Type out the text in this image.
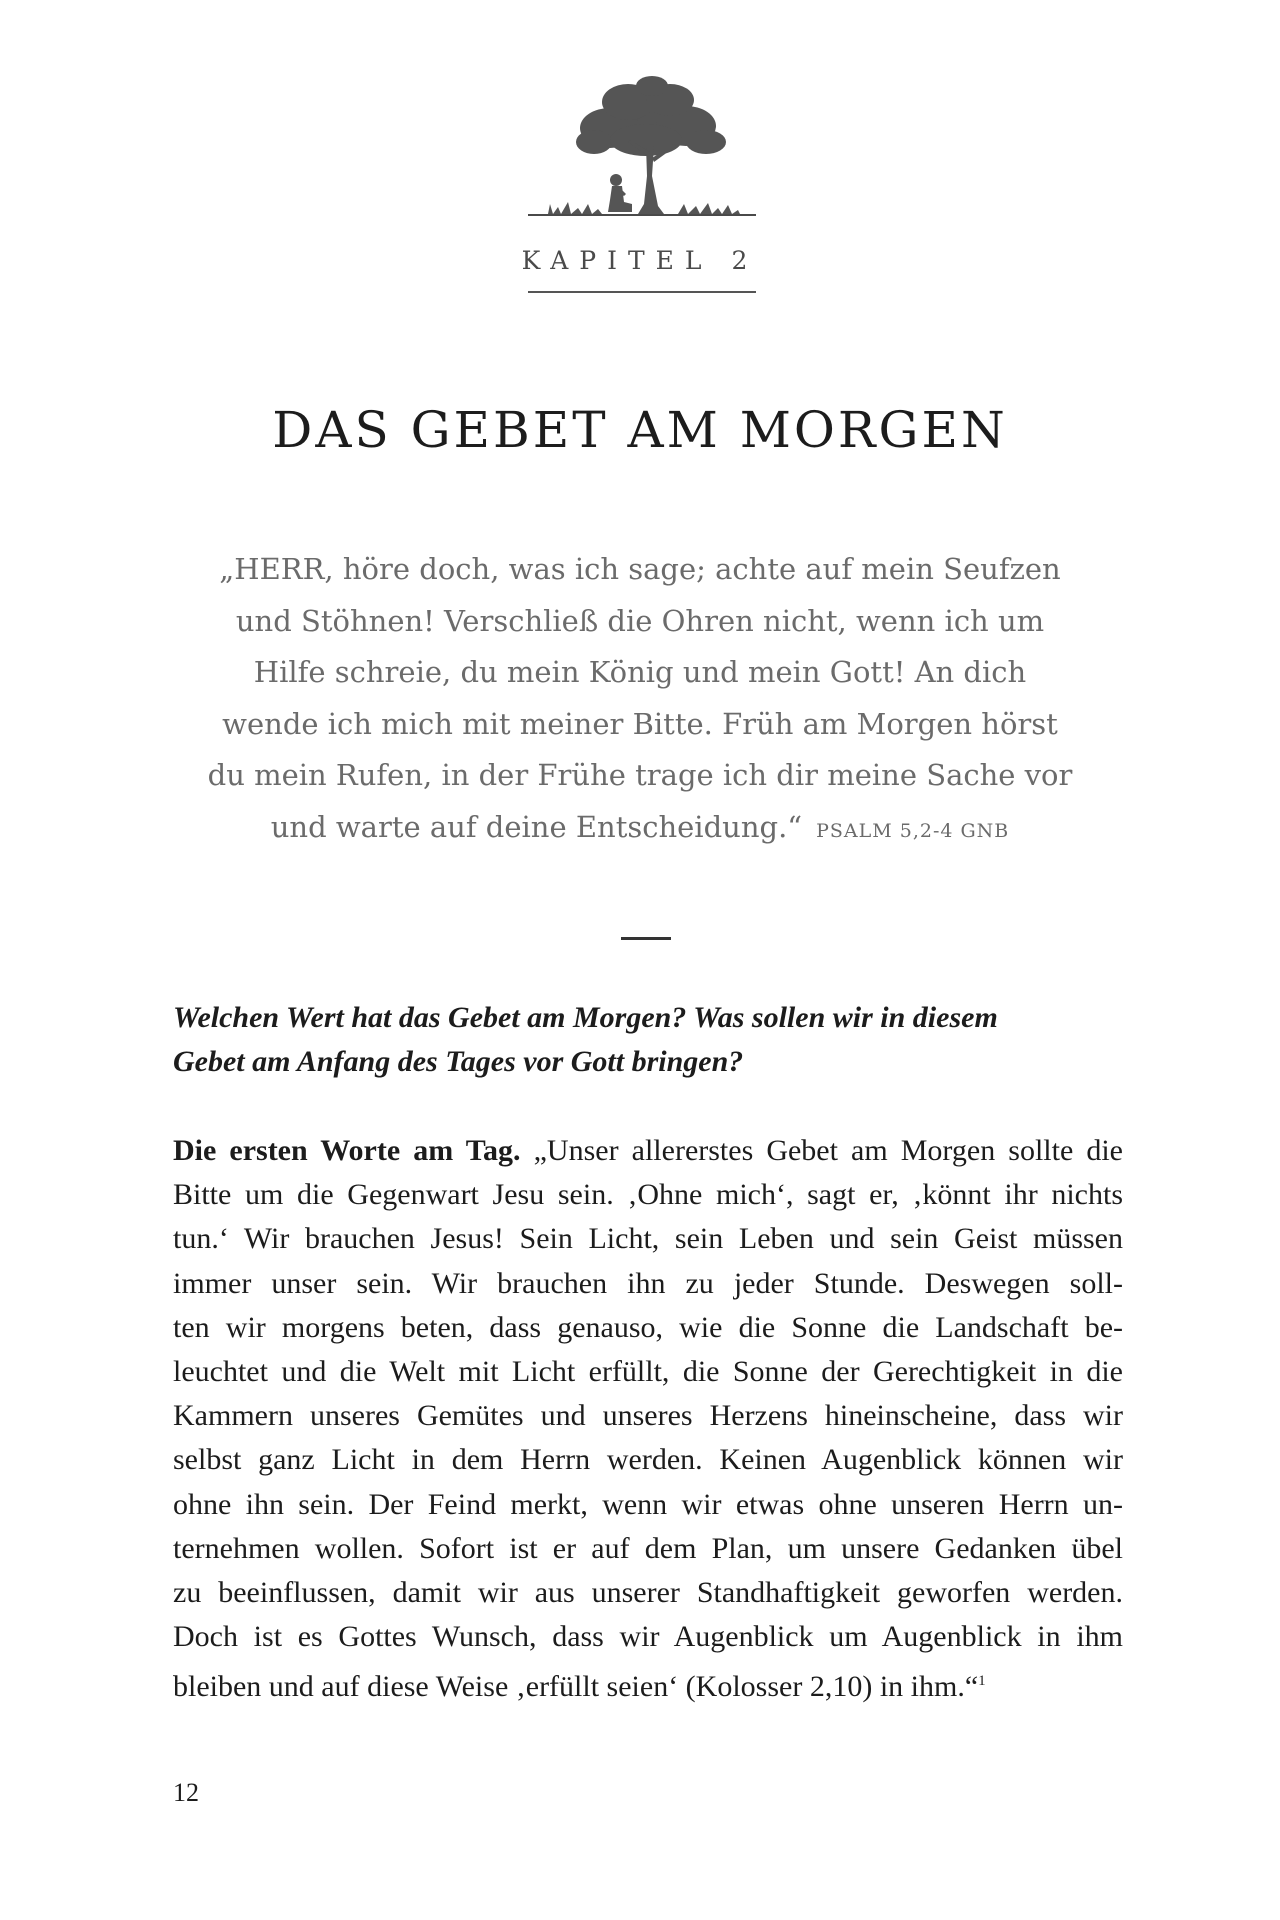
KAPITEL 2
DAS GEBET AM MORGEN

„HERR, höre doch, was ich sage; achte auf mein Seufzen
und Stöhnen! Verschließ die Ohren nicht, wenn ich um
Hilfe schreie, du mein König und mein Gott! An dich
wende ich mich mit meiner Bitte. Früh am Morgen hörst
du mein Rufen, in der Frühe trage ich dir meine Sache vor
und warte auf deine Entscheidung.“ PSALM 5,2-4 GNB

Welchen Wert hat das Gebet am Morgen? Was sollen wir in diesem
Gebet am Anfang des Tages vor Gott bringen?

Die ersten Worte am Tag. „Unser allererstes Gebet am Morgen sollte die
Bitte um die Gegenwart Jesu sein. ‚Ohne mich‘, sagt er, ‚könnt ihr nichts
tun.‘ Wir brauchen Jesus! Sein Licht, sein Leben und sein Geist müssen
immer unser sein. Wir brauchen ihn zu jeder Stunde. Deswegen soll-
ten wir morgens beten, dass genauso, wie die Sonne die Landschaft be-
leuchtet und die Welt mit Licht erfüllt, die Sonne der Gerechtigkeit in die
Kammern unseres Gemütes und unseres Herzens hineinscheine, dass wir
selbst ganz Licht in dem Herrn werden. Keinen Augenblick können wir
ohne ihn sein. Der Feind merkt, wenn wir etwas ohne unseren Herrn un-
ternehmen wollen. Sofort ist er auf dem Plan, um unsere Gedanken übel
zu beeinflussen, damit wir aus unserer Standhaftigkeit geworfen werden.
Doch ist es Gottes Wunsch, dass wir Augenblick um Augenblick in ihm
bleiben und auf diese Weise ‚erfüllt seien‘ (Kolosser 2,10) in ihm.“$^1$

12
